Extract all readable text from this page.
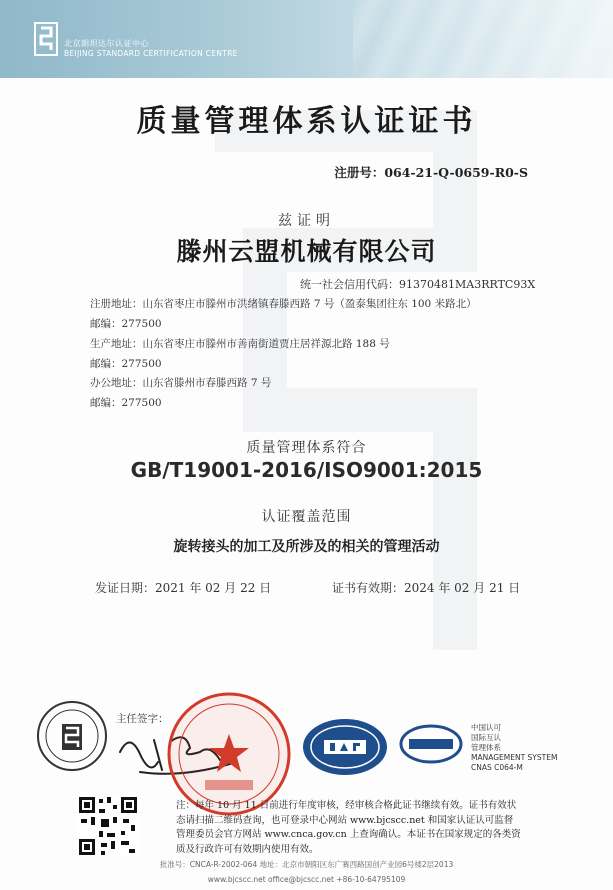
北京朗坦达尔认证中心
BEIJING STANDARD CERTIFICATION CENTRE
质量管理体系认证证书
注册号：064-21-Q-0659-R0-S
兹证明
滕州云盟机械有限公司
统一社会信用代码：91370481MA3RRTC93X
注册地址：山东省枣庄市滕州市洪绪镇春滕西路 7 号（盈泰集团往东 100 米路北）
邮编：277500
生产地址：山东省枣庄市滕州市善南街道贾庄居祥源北路 188 号
邮编：277500
办公地址：山东省滕州市春滕西路 7 号
邮编：277500
质量管理体系符合
GB/T19001-2016/ISO9001:2015
认证覆盖范围
旋转接头的加工及所涉及的相关的管理活动
发证日期：2021 年 02 月 22 日	证书有效期：2024 年 02 月 21 日
主任签字：
中国认可
国际互认
管理体系
MANAGEMENT SYSTEM
CNAS C064-M
注：每年 10 月 11 日前进行年度审核，经审核合格此证书继续有效。证书有效状态请扫描二维码查询，也可登录中心网站 www.bjcscc.net 和国家认证认可监督管理委员会官方网站 www.cnca.gov.cn 上查询确认。本证书在国家规定的各类资质及行政许可有效期内使用有效。
批准号：CNCA-R-2002-064 地址：北京市朝阳区东广赛西路国创产业园6号楼2层2013
www.bjcscc.net office@bjcscc.net +86-10-64795109
